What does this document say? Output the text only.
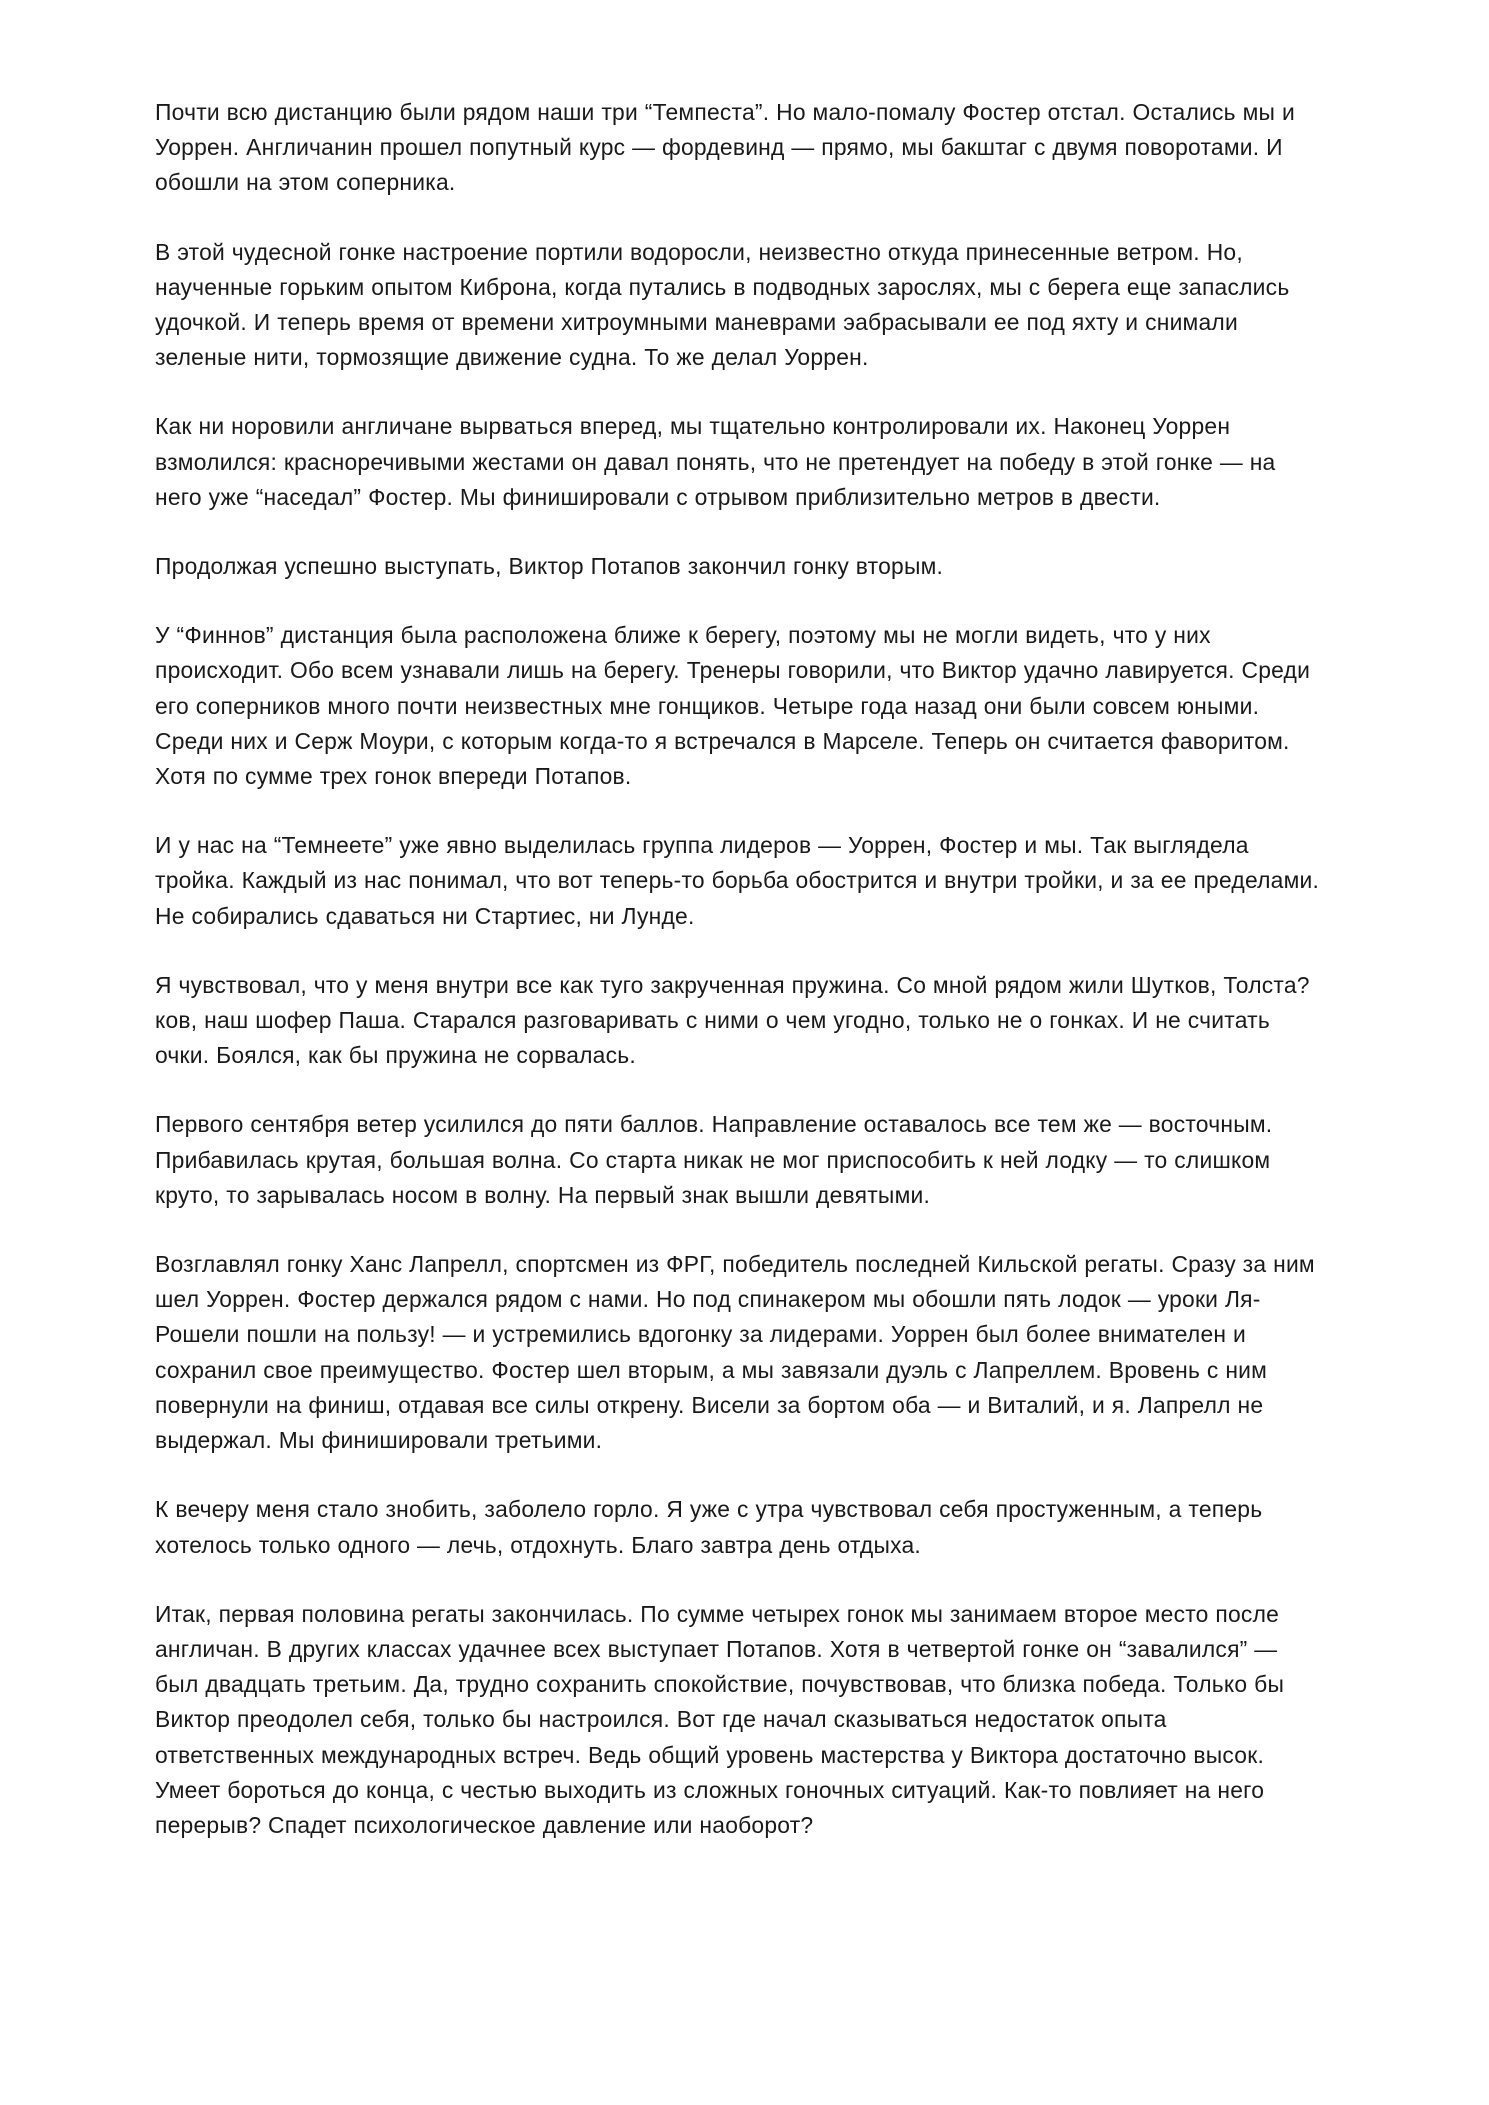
Почти всю дистанцию были рядом наши три “Темпеста”. Но мало-помалу Фостер отстал. Остались мы и Уоррен. Англичанин прошел попутный курс — фордевинд — прямо, мы бакштаг с двумя поворотами. И обошли на этом соперника.

В этой чудесной гонке настроение портили водоросли, неизвестно откуда принесенные ветром. Но, наученные горьким опытом Киброна, когда путались в подводных зарослях, мы с берега еще запаслись удочкой. И теперь время от времени хитроумными маневрами эабрасывали ее под яхту и снимали зеленые нити, тормозящие движение судна. То же делал Уоррен.

Как ни норовили англичане вырваться вперед, мы тщательно контролировали их. Наконец Уоррен взмолился: красноречивыми жестами он давал понять, что не претендует на победу в этой гонке — на него уже “наседал” Фостер. Мы финишировали с отрывом приблизительно метров в двести.

Продолжая успешно выступать, Виктор Потапов закончил гонку вторым.

У “Финнов” дистанция была расположена ближе к берегу, поэтому мы не могли видеть, что у них происходит. Обо всем узнавали лишь на берегу. Тренеры говорили, что Виктор удачно лавируется. Среди его соперников много почти неизвестных мне гонщиков. Четыре года назад они были совсем юными. Среди них и Серж Моури, с которым когда-то я встречался в Марселе. Теперь он считается фаворитом. Хотя по сумме трех гонок впереди Потапов.

И у нас на “Темнеете” уже явно выделилась группа лидеров — Уоррен, Фостер и мы. Так выглядела тройка. Каждый из нас понимал, что вот теперь-то борьба обострится и внутри тройки, и за ее пределами. Не собирались сдаваться ни Стартиес, ни Лунде.

Я чувствовал, что у меня внутри все как туго закрученная пружина. Со мной рядом жили Шутков, Толста? ков, наш шофер Паша. Старался разговаривать с ними о чем угодно, только не о гонках. И не считать очки. Боялся, как бы пружина не сорвалась.

Первого сентября ветер усилился до пяти баллов. Направление оставалось все тем же — восточным. Прибавилась крутая, большая волна. Со старта никак не мог приспособить к ней лодку — то слишком круто, то зарывалась носом в волну. На первый знак вышли девятыми.

Возглавлял гонку Ханс Лапрелл, спортсмен из ФРГ, победитель последней Кильской регаты. Сразу за ним шел Уоррен. Фостер держался рядом с нами. Но под спинакером мы обошли пять лодок — уроки Ля-Рошели пошли на пользу! — и устремились вдогонку за лидерами. Уоррен был более внимателен и сохранил свое преимущество. Фостер шел вторым, а мы завязали дуэль с Лапреллем. Вровень с ним повернули на финиш, отдавая все силы открену. Висели за бортом оба — и Виталий, и я. Лапрелл не выдержал. Мы финишировали третьими.

К вечеру меня стало знобить, заболело горло. Я уже с утра чувствовал себя простуженным, а теперь хотелось только одного — лечь, отдохнуть. Благо завтра день отдыха.

Итак, первая половина регаты закончилась. По сумме четырех гонок мы занимаем второе место после англичан. В других классах удачнее всех выступает Потапов. Хотя в четвертой гонке он “завалился” — был двадцать третьим. Да, трудно сохранить спокойствие, почувствовав, что близка победа. Только бы Виктор преодолел себя, только бы настроился. Вот где начал сказываться недостаток опыта ответственных международных встреч. Ведь общий уровень мастерства у Виктора достаточно высок. Умеет бороться до конца, с честью выходить из сложных гоночных ситуаций. Как-то повлияет на него перерыв? Спадет психологическое давление или наоборот?
